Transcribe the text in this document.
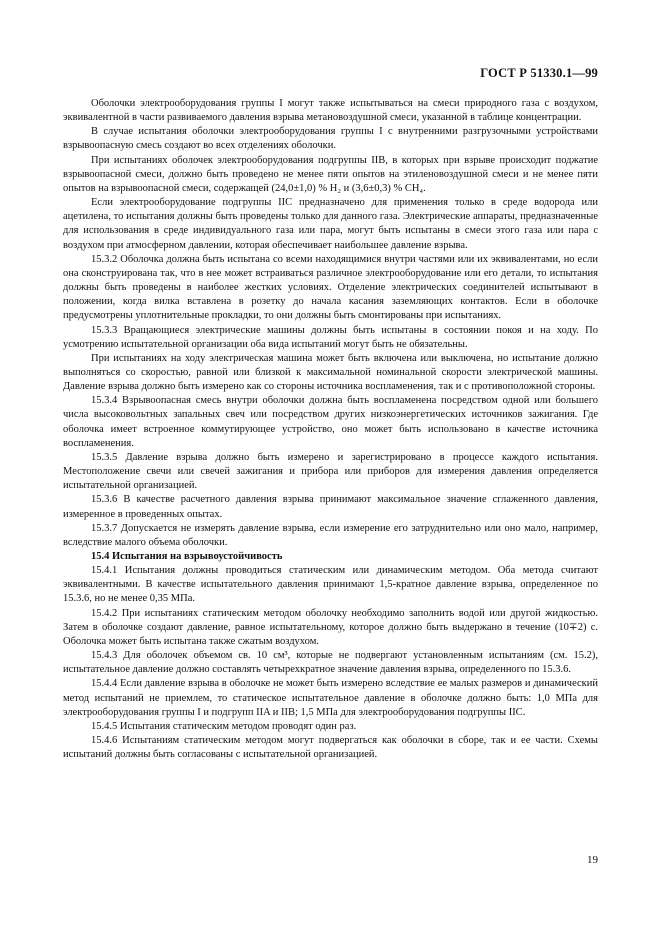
ГОСТ Р 51330.1—99

Оболочки электрооборудования группы I могут также испытываться на смеси природного газа с воздухом, эквивалентной в части развиваемого давления взрыва метановоздушной смеси, указанной в таблице концентрации.

В случае испытания оболочки электрооборудования группы I с внутренними разгрузочными устройствами взрывоопасную смесь создают во всех отделениях оболочки.

При испытаниях оболочек электрооборудования подгруппы IIB, в которых при взрыве происходит поджатие взрывоопасной смеси, должно быть проведено не менее пяти опытов на этиленовоздушной смеси и не менее пяти опытов на взрывоопасной смеси, содержащей (24,0±1,0) % H₂ и (3,6±0,3) % CH₄.

Если электрооборудование подгруппы IIC предназначено для применения только в среде водорода или ацетилена, то испытания должны быть проведены только для данного газа. Электрические аппараты, предназначенные для использования в среде индивидуального газа или пара, могут быть испытаны в смеси этого газа или пара с воздухом при атмосферном давлении, которая обеспечивает наибольшее давление взрыва.

15.3.2 Оболочка должна быть испытана со всеми находящимися внутри частями или их эквивалентами, но если она сконструирована так, что в нее может встраиваться различное электрооборудование или его детали, то испытания должны быть проведены в наиболее жестких условиях. Отделение электрических соединителей испытывают в положении, когда вилка вставлена в розетку до начала касания заземляющих контактов. Если в оболочке предусмотрены уплотнительные прокладки, то они должны быть смонтированы при испытаниях.

15.3.3 Вращающиеся электрические машины должны быть испытаны в состоянии покоя и на ходу. По усмотрению испытательной организации оба вида испытаний могут быть не обязательны.

При испытаниях на ходу электрическая машина может быть включена или выключена, но испытание должно выполняться со скоростью, равной или близкой к максимальной номинальной скорости электрической машины. Давление взрыва должно быть измерено как со стороны источника воспламенения, так и с противоположной стороны.

15.3.4 Взрывоопасная смесь внутри оболочки должна быть воспламенена посредством одной или большего числа высоковольтных запальных свеч или посредством других низкоэнергетических источников зажигания. Где оболочка имеет встроенное коммутирующее устройство, оно может быть использовано в качестве источника воспламенения.

15.3.5 Давление взрыва должно быть измерено и зарегистрировано в процессе каждого испытания. Местоположение свечи или свечей зажигания и прибора или приборов для измерения давления определяется испытательной организацией.

15.3.6 В качестве расчетного давления взрыва принимают максимальное значение сглаженного давления, измеренное в проведенных опытах.

15.3.7 Допускается не измерять давление взрыва, если измерение его затруднительно или оно мало, например, вследствие малого объема оболочки.

15.4 Испытания на взрывоустойчивость

15.4.1 Испытания должны проводиться статическим или динамическим методом. Оба метода считают эквивалентными. В качестве испытательного давления принимают 1,5-кратное давление взрыва, определенное по 15.3.6, но не менее 0,35 МПа.

15.4.2 При испытаниях статическим методом оболочку необходимо заполнить водой или другой жидкостью. Затем в оболочке создают давление, равное испытательному, которое должно быть выдержано в течение (10∓2) с. Оболочка может быть испытана также сжатым воздухом.

15.4.3 Для оболочек объемом св. 10 см³, которые не подвергают установленным испытаниям (см. 15.2), испытательное давление должно составлять четырехкратное значение давления взрыва, определенного по 15.3.6.

15.4.4 Если давление взрыва в оболочке не может быть измерено вследствие ее малых размеров и динамический метод испытаний не приемлем, то статическое испытательное давление в оболочке должно быть: 1,0 МПа для электрооборудования группы I и подгрупп IIA и IIB; 1,5 МПа для электрооборудования подгруппы IIC.

15.4.5 Испытания статическим методом проводят один раз.

15.4.6 Испытаниям статическим методом могут подвергаться как оболочки в сборе, так и ее части. Схемы испытаний должны быть согласованы с испытательной организацией.

19
